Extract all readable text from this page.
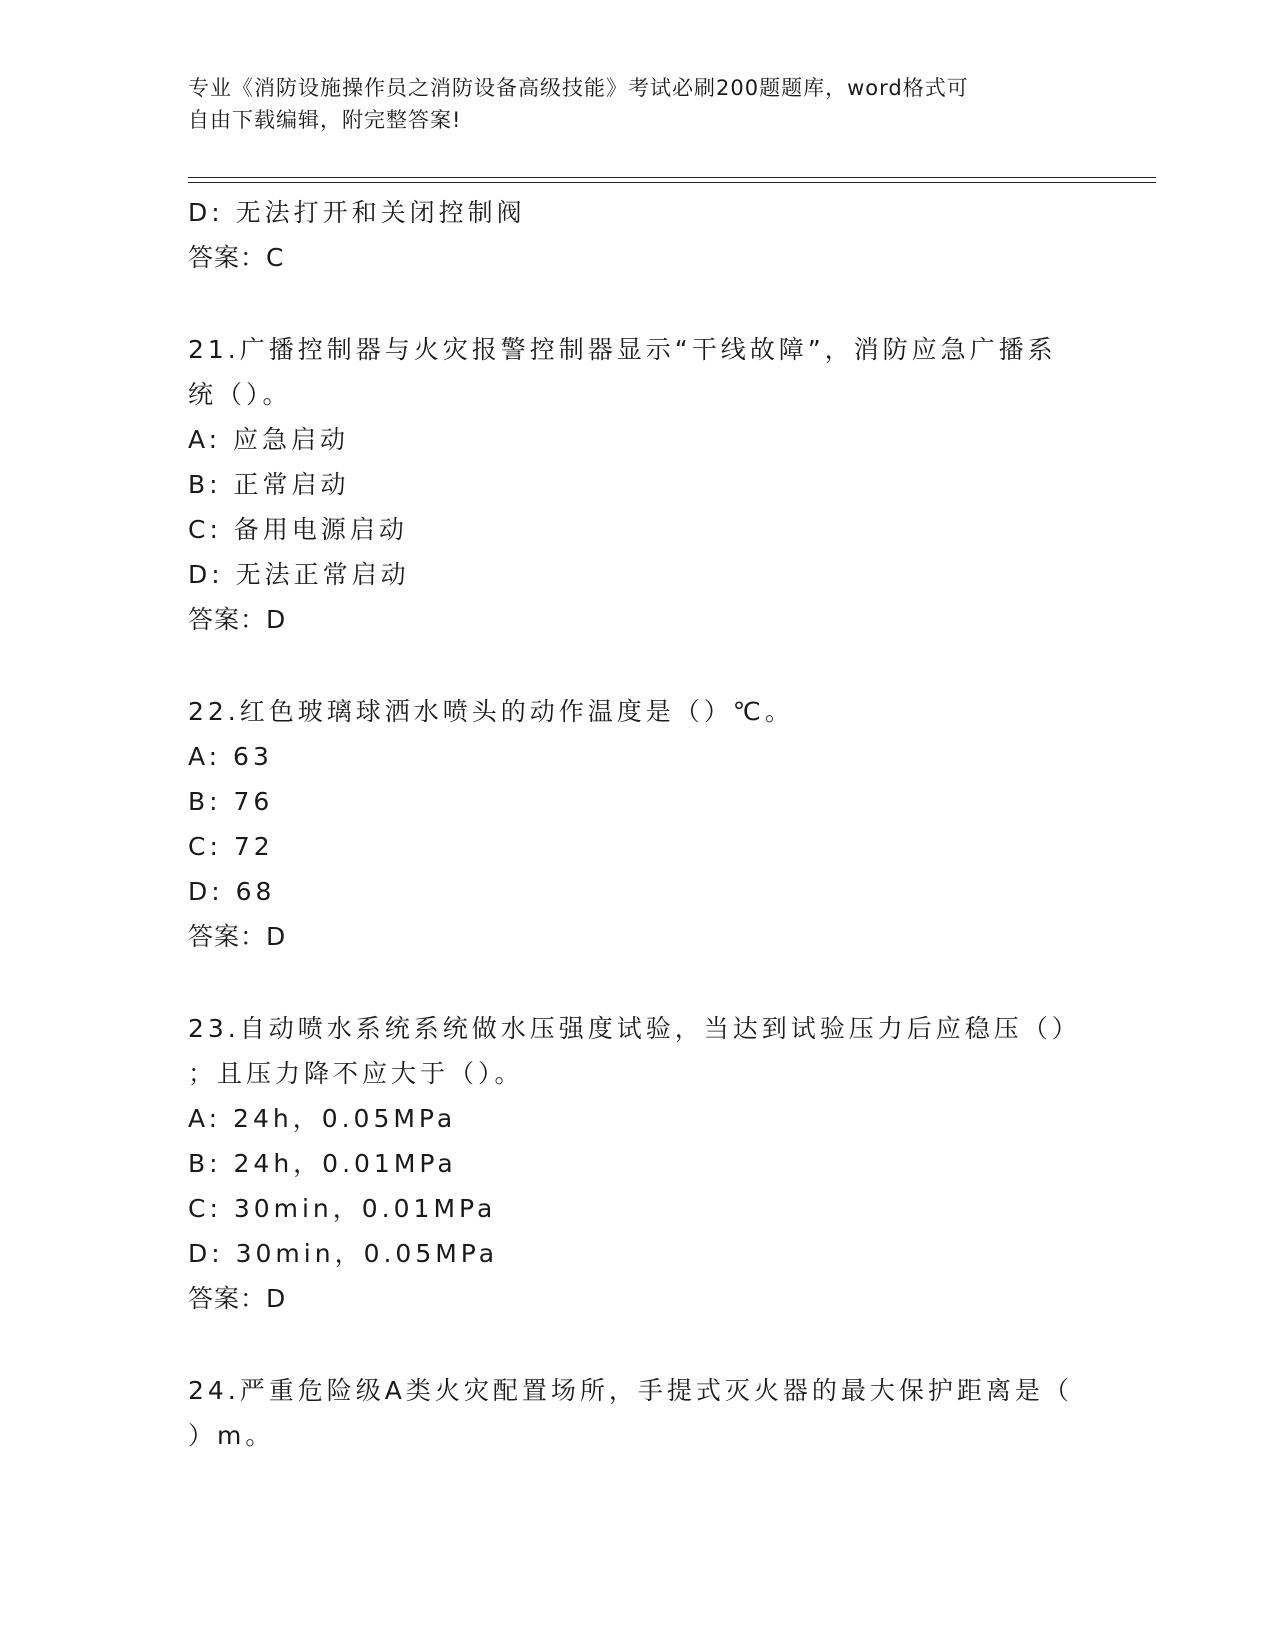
专业《消防设施操作员之消防设备高级技能》考试必刷200题题库，word格式可
自由下载编辑，附完整答案!
D: 无法打开和关闭控制阀
答案：C
21.广播控制器与火灾报警控制器显示“干线故障”，消防应急广播系
统（）。
A: 应急启动
B: 正常启动
C: 备用电源启动
D: 无法正常启动
答案：D
22.红色玻璃球洒水喷头的动作温度是（）℃。
A: 63
B: 76
C: 72
D: 68
答案：D
23.自动喷水系统系统做水压强度试验，当达到试验压力后应稳压（）
；且压力降不应大于（）。
A: 24h，0.05MPa
B: 24h，0.01MPa
C: 30min，0.01MPa
D: 30min，0.05MPa
答案：D
24.严重危险级A类火灾配置场所，手提式灭火器的最大保护距离是（
）m。
